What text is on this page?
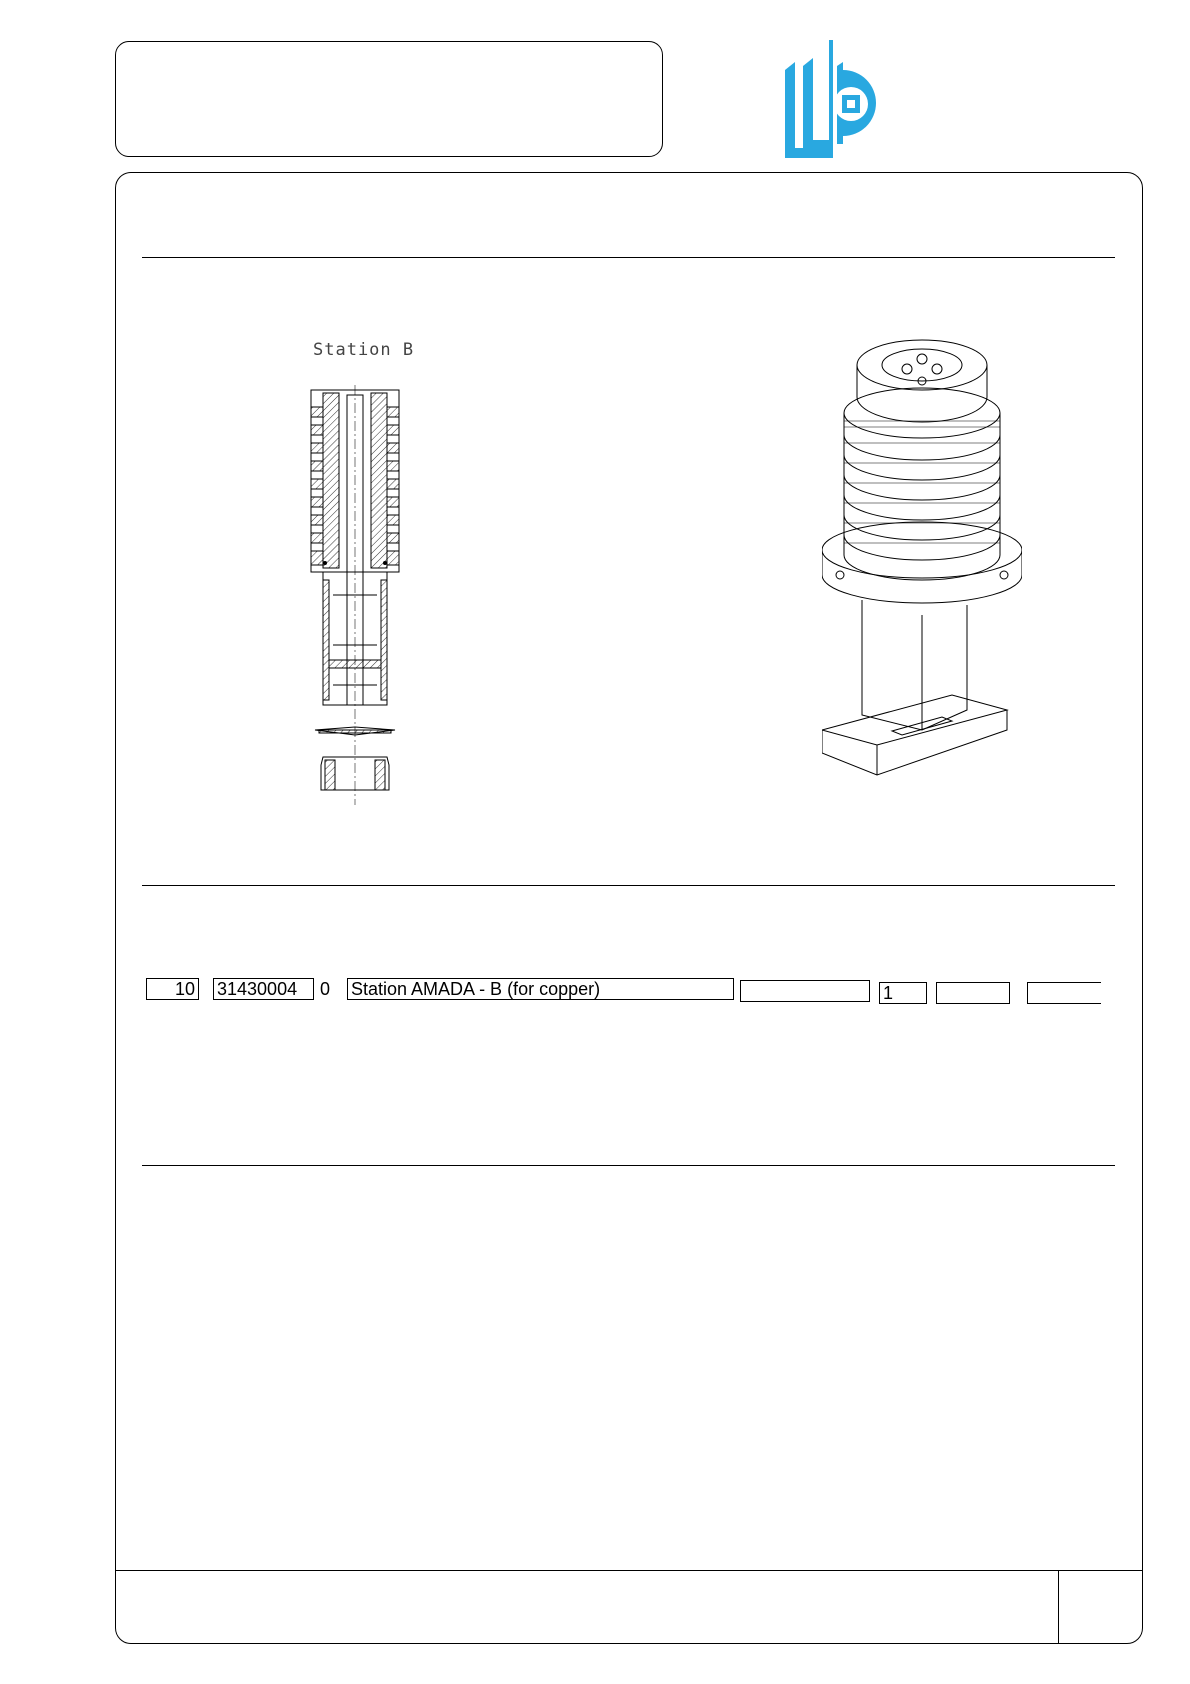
Station B
10 31430004	0 Station AMADA - B (for copper)	1
